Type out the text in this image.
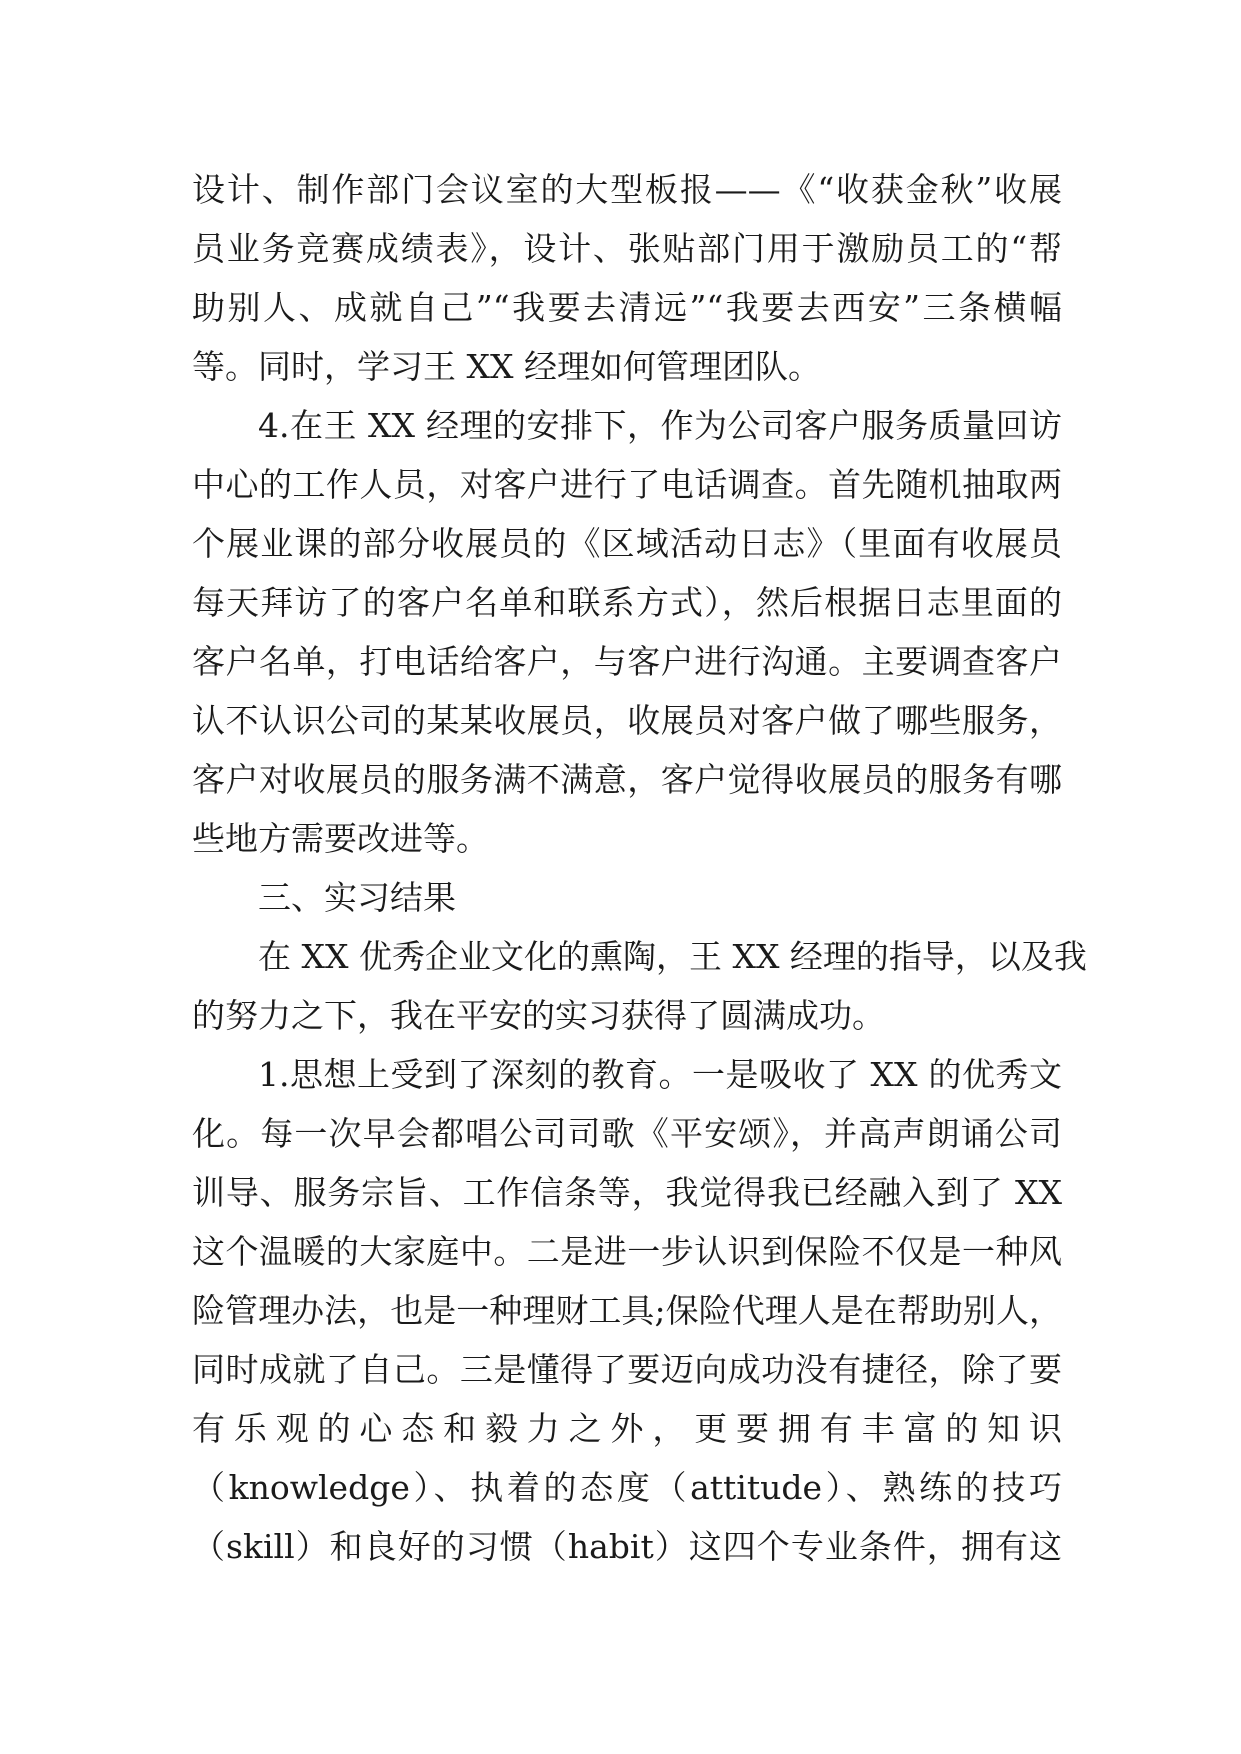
设计、制作部门会议室的大型板报——《“收获金秋”收展
员业务竞赛成绩表》，设计、张贴部门用于激励员工的“帮
助别人、成就自己”“我要去清远”“我要去西安”三条横幅
等。同时，学习王 XX 经理如何管理团队。
4.在王 XX 经理的安排下，作为公司客户服务质量回访
中心的工作人员，对客户进行了电话调查。首先随机抽取两
个展业课的部分收展员的《区域活动日志》（里面有收展员
每天拜访了的客户名单和联系方式），然后根据日志里面的
客户名单，打电话给客户，与客户进行沟通。主要调查客户
认不认识公司的某某收展员，收展员对客户做了哪些服务，
客户对收展员的服务满不满意，客户觉得收展员的服务有哪
些地方需要改进等。
三、实习结果
在 XX 优秀企业文化的熏陶，王 XX 经理的指导，以及我
的努力之下，我在平安的实习获得了圆满成功。
1.思想上受到了深刻的教育。一是吸收了 XX 的优秀文
化。每一次早会都唱公司司歌《平安颂》，并高声朗诵公司
训导、服务宗旨、工作信条等，我觉得我已经融入到了 XX
这个温暖的大家庭中。二是进一步认识到保险不仅是一种风
险管理办法，也是一种理财工具;保险代理人是在帮助别人，
同时成就了自己。三是懂得了要迈向成功没有捷径，除了要
有乐观的心态和毅力之外，更要拥有丰富的知识
（knowledge）、执着的态度（attitude）、熟练的技巧
（skill）和良好的习惯（habit）这四个专业条件，拥有这
